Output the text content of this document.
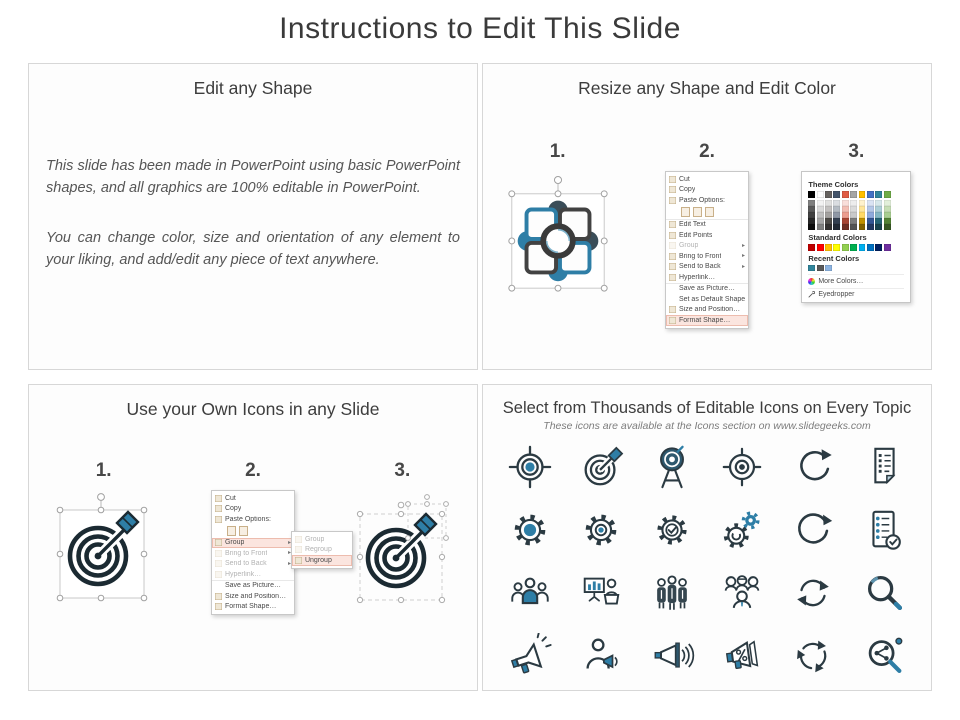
Instructions to Edit This Slide
Edit any Shape

This slide has been made in PowerPoint using basic PowerPoint shapes, and all graphics are 100% editable in PowerPoint.

You can change color, size and orientation of any element to your liking, and add/edit any piece of text anywhere.

Resize any Shape and Edit Color
1.	2.	3.
Cut
Copy
Paste Options:
Edit Text
Edit Points
Group	▸
Bring to Front	▸
Send to Back	▸
Hyperlink…
Save as Picture…
Set as Default Shape
Size and Position…
Format Shape…
Theme Colors
Standard Colors
Recent Colors
More Colors…
Eyedropper
Use your Own Icons in any Slide
1.	2.	3.
Cut
Copy
Paste Options:
Group	▸
Bring to Front	▸
Send to Back	▸
Hyperlink…
Save as Picture…
Size and Position…
Format Shape…
Group
Regroup
Ungroup
Select from Thousands of Editable Icons on Every Topic

These icons are available at the Icons section on www.slidegeeks.com
